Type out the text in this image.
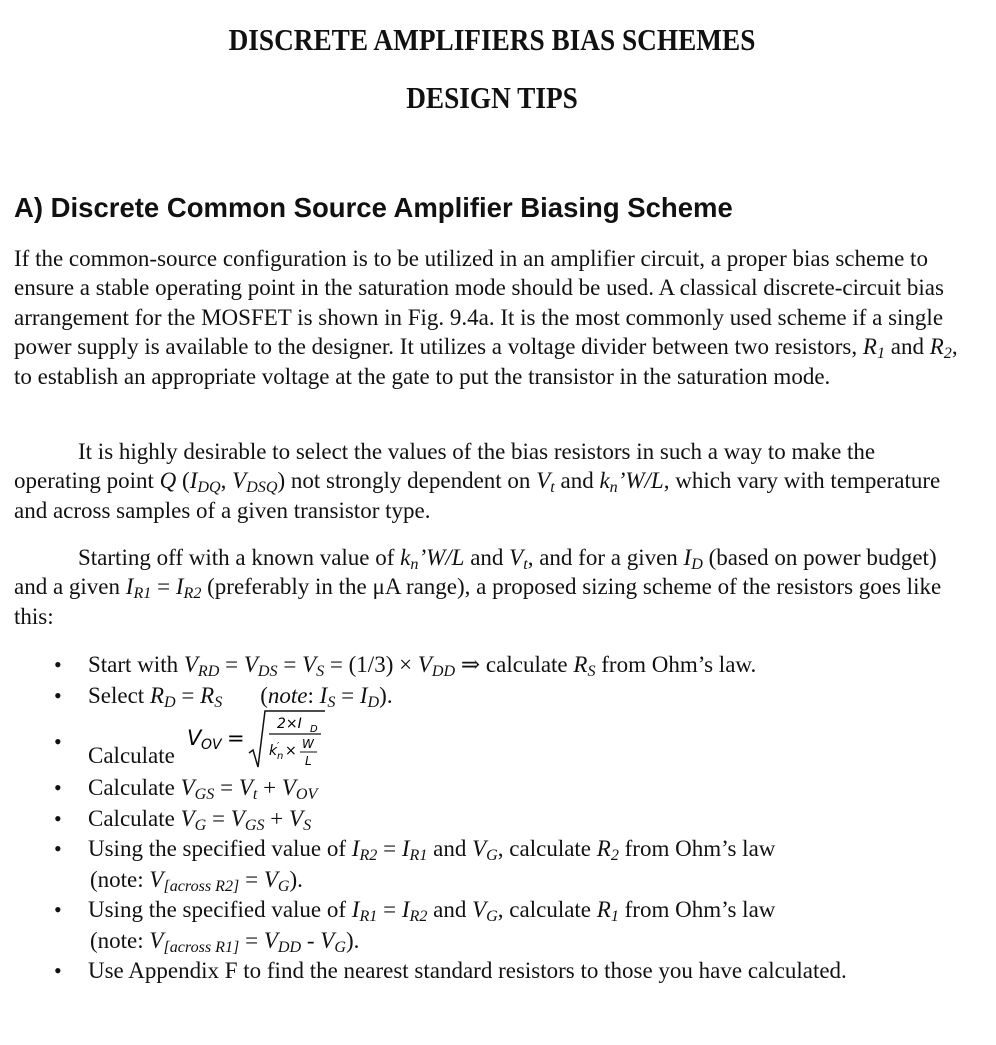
DISCRETE AMPLIFIERS BIAS SCHEMES
DESIGN TIPS
A) Discrete Common Source Amplifier Biasing Scheme

If the common-source configuration is to be utilized in an amplifier circuit, a proper bias scheme to ensure a stable operating point in the saturation mode should be used. A classical discrete-circuit bias arrangement for the MOSFET is shown in Fig. 9.4a. It is the most commonly used scheme if a single power supply is available to the designer. It utilizes a voltage divider between two resistors, $R_1$ and $R_2$, to establish an appropriate voltage at the gate to put the transistor in the saturation mode.

It is highly desirable to select the values of the bias resistors in such a way to make the operating point Q ($I_{DQ}$, $V_{DSQ}$) not strongly dependent on $V_t$ and $k_n’W/L$, which vary with temperature and across samples of a given transistor type.

Starting off with a known value of $k_n’W/L$ and $V_t$, and for a given $I_D$ (based on power budget) and a given $I_{R1} = I_{R2}$ (preferably in the μA range), a proposed sizing scheme of the resistors goes like this:

• Start with $V_{RD} = V_{DS} = V_S = (1/3) \times V_{DD}$ ⇒ calculate $R_S$ from Ohm’s law.
• Select $R_D = R_S$ (note: $I_S = I_D$).
•
Calculate
V OV =
2×I D
k ′
n × W
L
• Calculate $V_{GS} = V_t + V_{OV}$
• Calculate $V_G = V_{GS} + V_S$
• Using the specified value of $I_{R2} = I_{R1}$ and $V_G$, calculate $R_2$ from Ohm’s law
(note: $V_{[across R2]} = V_G$).
• Using the specified value of $I_{R1} = I_{R2}$ and $V_G$, calculate $R_1$ from Ohm’s law
(note: $V_{[across R1]} = V_{DD} - V_G$).
• Use Appendix F to find the nearest standard resistors to those you have calculated.
